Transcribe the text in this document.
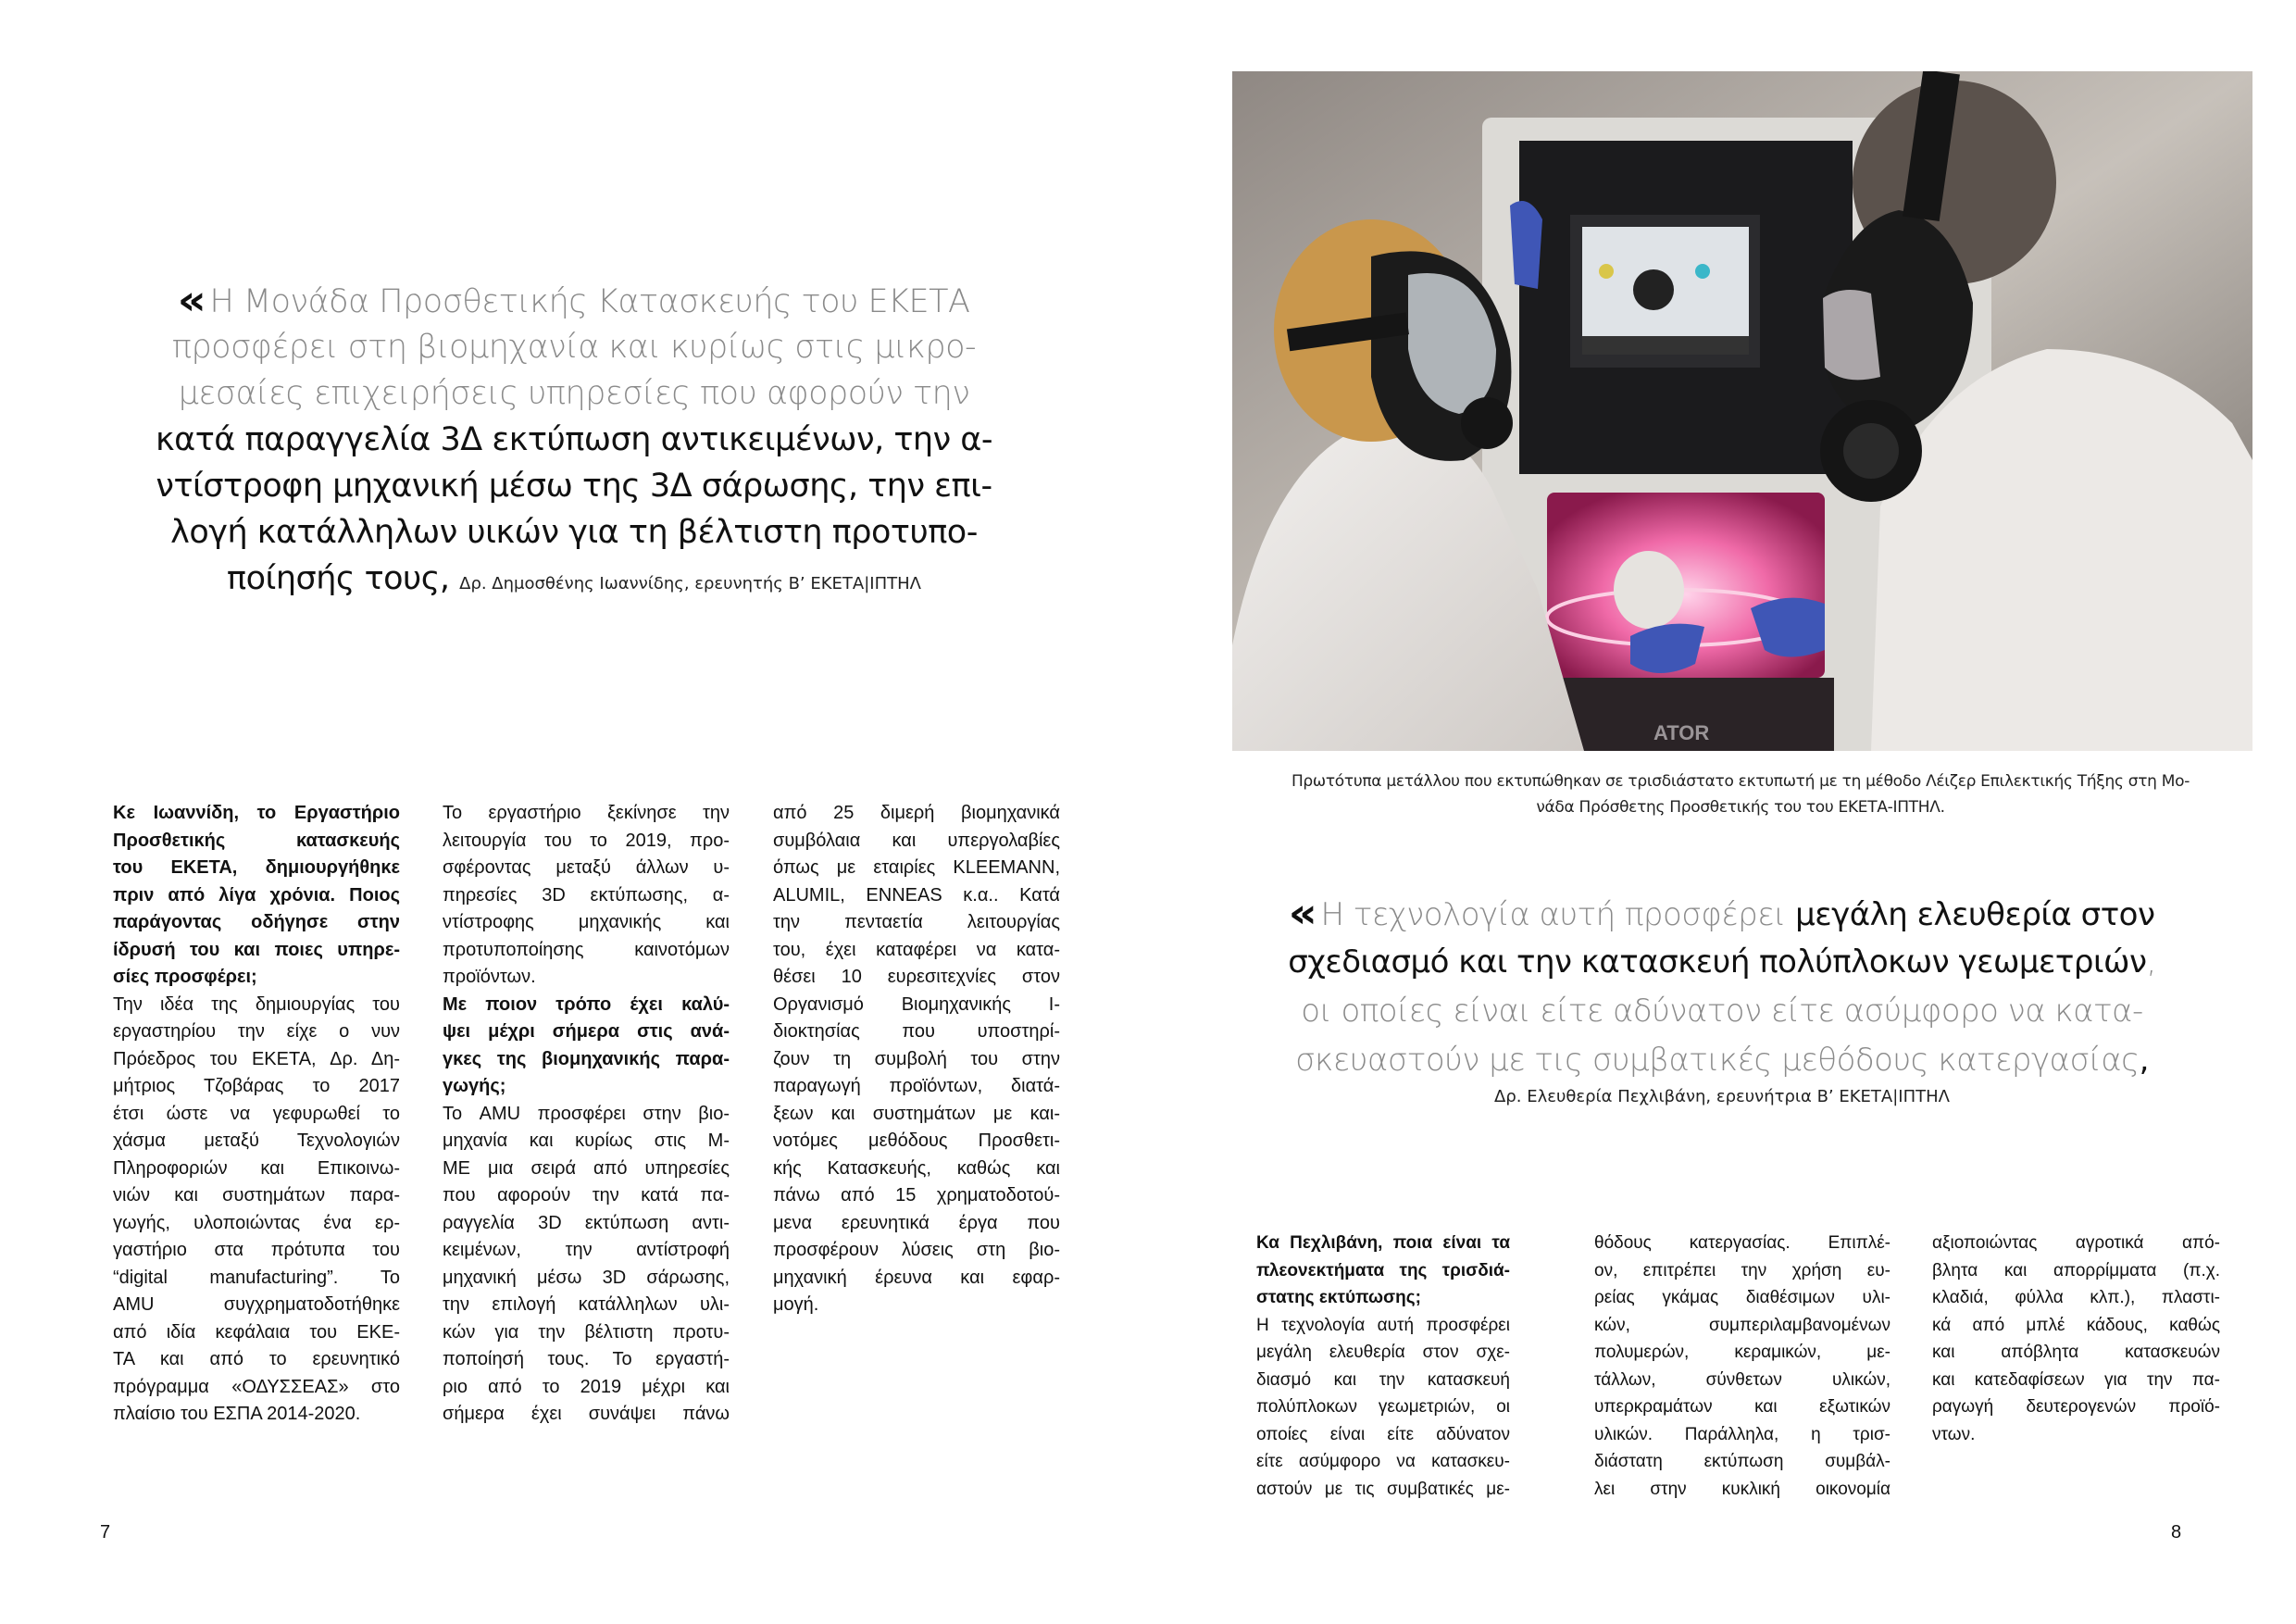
« Η Μονάδα Προσθετικής Κατασκευής του ΕΚΕΤΑ
προσφέρει στη βιομηχανία και κυρίως στις μικρο-
μεσαίες επιχειρήσεις υπηρεσίες που αφορούν την
κατά παραγγελία 3Δ εκτύπωση αντικειμένων, την α-
ντίστροφη μηχανική μέσω της 3Δ σάρωσης, την επι-
λογή κατάλληλων υικών για τη βέλτιστη προτυπο-
ποίησής τους, Δρ. Δημοσθένης Ιωαννίδης, ερευνητής Β’ ΕΚΕΤΑ|ΙΠΤΗΛ
Κε Ιωαννίδη, το Εργαστήριο
Προσθετικής κατασκευής
του ΕΚΕΤΑ, δημιουργήθηκε
πριν από λίγα χρόνια. Ποιος
παράγοντας οδήγησε στην
ίδρυσή του και ποιες υπηρε-
σίες προσφέρει;
Την ιδέα της δημιουργίας του
εργαστηρίου την είχε ο νυν
Πρόεδρος του ΕΚΕΤΑ, Δρ. Δη-
μήτριος Τζοβάρας το 2017
έτσι ώστε να γεφυρωθεί το
χάσμα μεταξύ Τεχνολογιών
Πληροφοριών και Επικοινω-
νιών και συστημάτων παρα-
γωγής, υλοποιώντας ένα ερ-
γαστήριο στα πρότυπα του
“digital manufacturing”. Το
AMU συγχρηματοδοτήθηκε
από ιδία κεφάλαια του ΕΚΕ-
ΤΑ και από το ερευνητικό
πρόγραμμα «ΟΔΥΣΣΕΑΣ» στο
πλαίσιο του ΕΣΠΑ 2014-2020.
Το εργαστήριο ξεκίνησε την
λειτουργία του το 2019, προ-
σφέροντας μεταξύ άλλων υ-
πηρεσίες 3D εκτύπωσης, α-
ντίστροφης μηχανικής και
προτυποποίησης καινοτόμων
προϊόντων.
Με ποιον τρόπο έχει καλύ-
ψει μέχρι σήμερα στις ανά-
γκες της βιομηχανικής παρα-
γωγής;
Το AMU προσφέρει στην βιο-
μηχανία και κυρίως στις Μ-
ΜΕ μια σειρά από υπηρεσίες
που αφορούν την κατά πα-
ραγγελία 3D εκτύπωση αντι-
κειμένων, την αντίστροφή
μηχανική μέσω 3D σάρωσης,
την επιλογή κατάλληλων υλι-
κών για την βέλτιστη προτυ-
ποποίησή τους. Το εργαστή-
ριο από το 2019 μέχρι και
σήμερα έχει συνάψει πάνω
από 25 διμερή βιομηχανικά
συμβόλαια και υπεργολαβίες
όπως με εταιρίες KLEEMANN,
ALUMIL, ENNEAS κ.α.. Κατά
την πενταετία λειτουργίας
του, έχει καταφέρει να κατα-
θέσει 10 ευρεσιτεχνίες στον
Οργανισμό Βιομηχανικής Ι-
διοκτησίας που υποστηρί-
ζουν τη συμβολή του στην
παραγωγή προϊόντων, διατά-
ξεων και συστημάτων με και-
νοτόμες μεθόδους Προσθετι-
κής Κατασκευής, καθώς και
πάνω από 15 χρηματοδοτού-
μενα ερευνητικά έργα που
προσφέρουν λύσεις στη βιο-
μηχανική έρευνα και εφαρ-
μογή.
7
ATOR
Πρωτότυπα μετάλλου που εκτυπώθηκαν σε τρισδιάστατο εκτυπωτή με τη μέθοδο Λέιζερ Επιλεκτικής Τήξης στη Μο-
νάδα Πρόσθετης Προσθετικής του του ΕΚΕΤΑ-ΙΠΤΗΛ.
« Η τεχνολογία αυτή προσφέρει μεγάλη ελευθερία στον
σχεδιασμό και την κατασκευή πολύπλοκων γεωμετριών,
οι οποίες είναι είτε αδύνατον είτε ασύμφορο να κατα-
σκευαστούν με τις συμβατικές μεθόδους κατεργασίας,
Δρ. Ελευθερία Πεχλιβάνη, ερευνήτρια Β’ ΕΚΕΤΑ|ΙΠΤΗΛ
Κα Πεχλιβάνη, ποια είναι τα
πλεονεκτήματα της τρισδιά-
στατης εκτύπωσης;
Η τεχνολογία αυτή προσφέρει
μεγάλη ελευθερία στον σχε-
διασμό και την κατασκευή
πολύπλοκων γεωμετριών, οι
οποίες είναι είτε αδύνατον
είτε ασύμφορο να κατασκευ-
αστούν με τις συμβατικές με-
θόδους κατεργασίας. Επιπλέ-
ον, επιτρέπει την χρήση ευ-
ρείας γκάμας διαθέσιμων υλι-
κών, συμπεριλαμβανομένων
πολυμερών, κεραμικών, με-
τάλλων, σύνθετων υλικών,
υπερκραμάτων και εξωτικών
υλικών. Παράλληλα, η τρισ-
διάστατη εκτύπωση συμβάλ-
λει στην κυκλική οικονομία
αξιοποιώντας αγροτικά από-
βλητα και απορρίμματα (π.χ.
κλαδιά, φύλλα κλπ.), πλαστι-
κά από μπλέ κάδους, καθώς
και απόβλητα κατασκευών
και κατεδαφίσεων για την πα-
ραγωγή δευτερογενών προϊό-
ντων.
8
